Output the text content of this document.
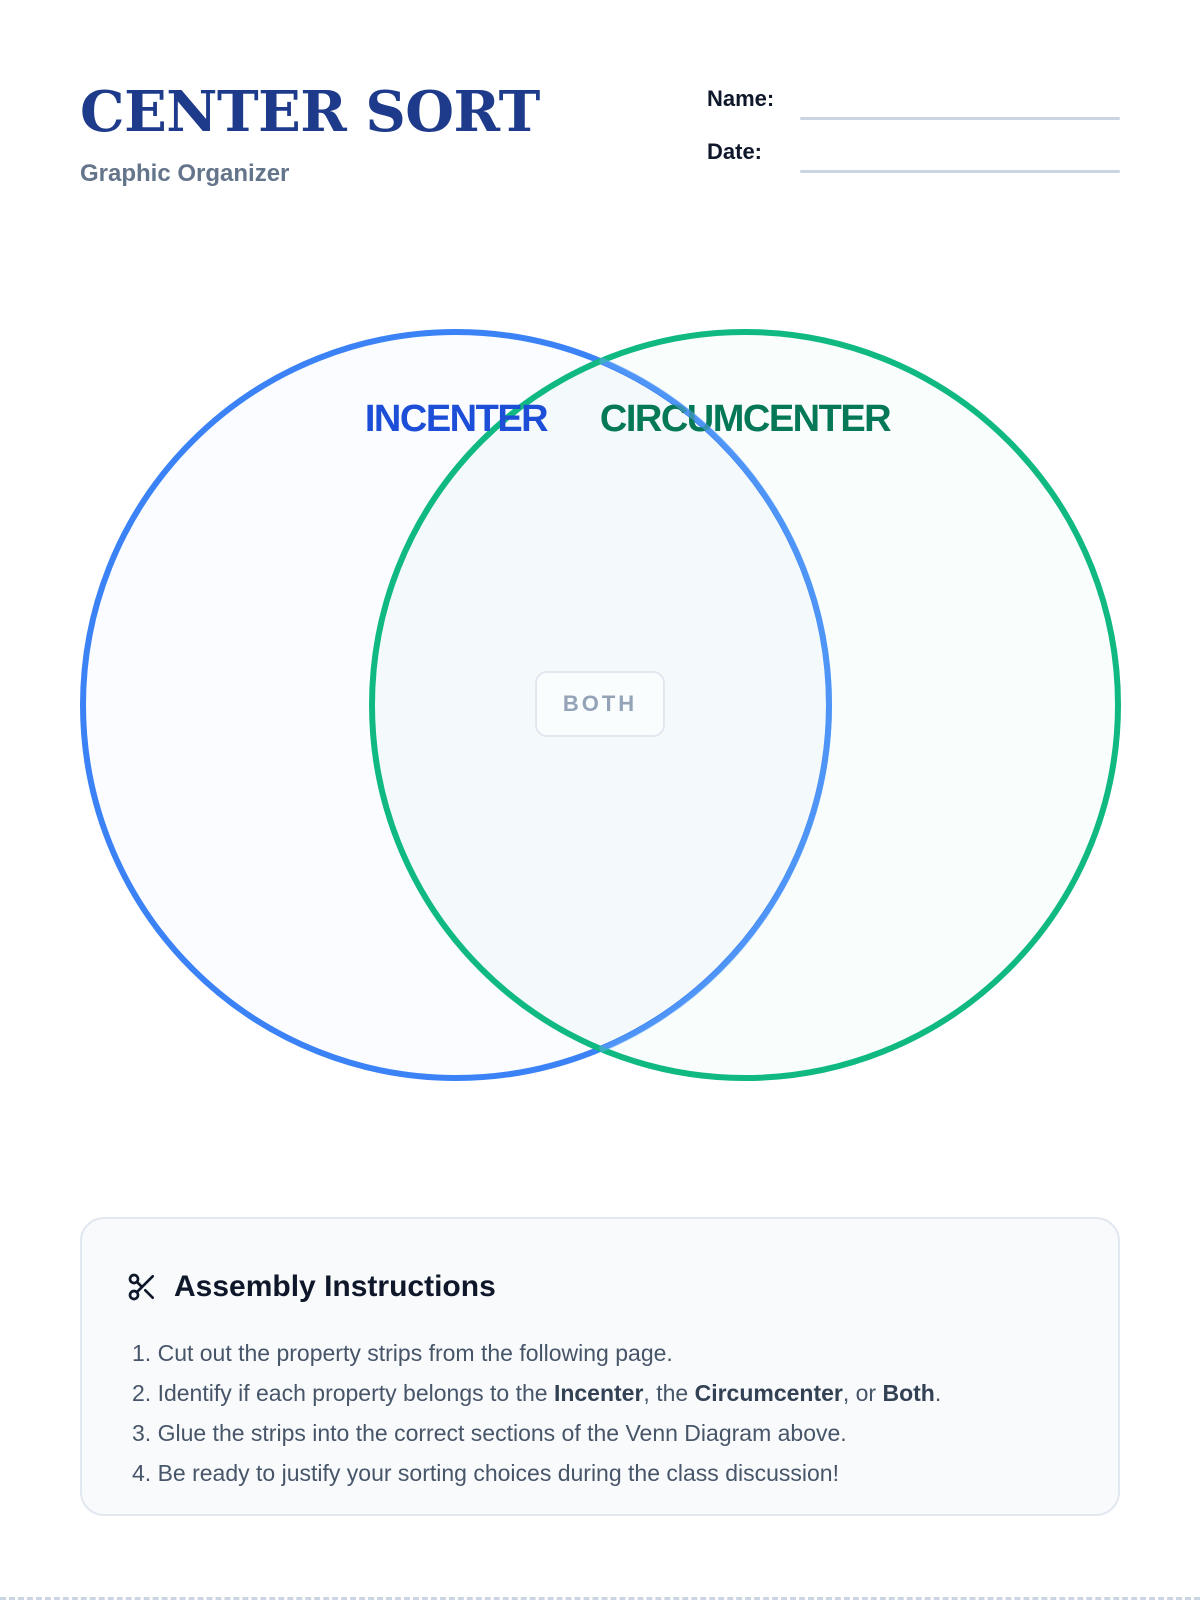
CENTER SORT

Graphic Organizer

Name:
Date:
INCENTER CIRCUMCENTER
BOTH
Assembly Instructions
1. Cut out the property strips from the following page.
2. Identify if each property belongs to the Incenter, the Circumcenter, or Both.
3. Glue the strips into the correct sections of the Venn Diagram above.
4. Be ready to justify your sorting choices during the class discussion!
